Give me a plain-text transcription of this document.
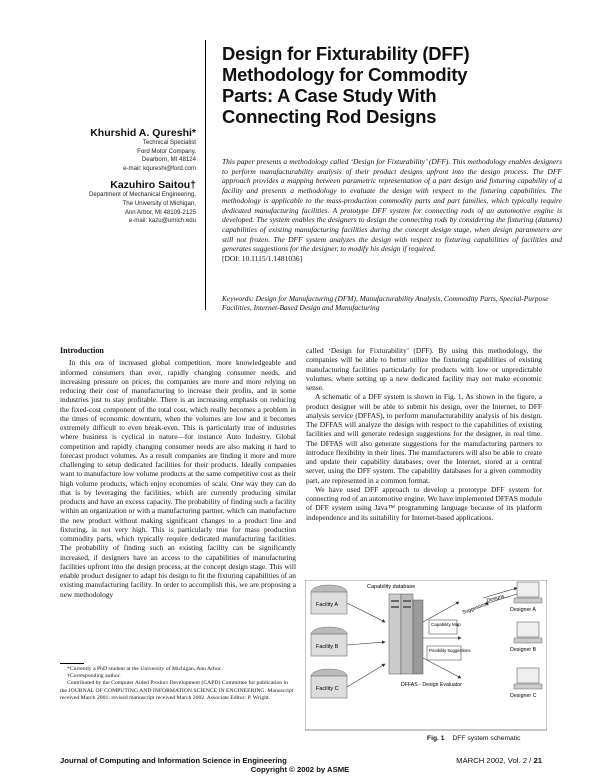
Khurshid A. Qureshi*
Technical Specialist
Ford Motor Company,
Dearborn, MI 48124
e-mail: kqureshi@ford.com
Kazuhiro Saitou†
Department of Mechanical Engineering,
The University of Michigan,
Ann Arbor, MI 48109-2125
e-mail: kazu@umich.edu
Design for Fixturability (DFF)
Methodology for Commodity
Parts: A Case Study With
Connecting Rod Designs
This paper presents a methodology called ‘Design for Fixturability’ (DFF). This methodology enables designers to perform manufacturability analysis of their product designs upfront into the design process. The DFF approach provides a mapping between parametric representation of a part design and fixturing capability of a facility and presents a methodology to evaluate the design with respect to the fixturing capabilities. The methodology is applicable to the mass-production commodity parts and part families, which typically require dedicated manufacturing facilities. A prototype DFF system for connecting rods of an automotive engine is developed. The system enables the designers to design the connecting rods by considering the fixturing (datums) capabilities of existing manufacturing facilities during the concept design stage, when design parameters are still not frozen. The DFF system analyzes the design with respect to fixturing capabilities of facilities and generates suggestions for the designer, to modify his design if required.
[DOI: 10.1115/1.1481036]
Keywords: Design for Manufacturing (DFM), Manufacturability Analysis, Commodity Parts, Special-Purpose Facilities, Internet-Based Design and Manufacturing

Introduction

In this era of increased global competition, more knowledgeable and informed consumers than ever, rapidly changing consumer needs, and increasing pressure on prices, the companies are more and more relying on reducing their cost of manufacturing to increase their profits, and in some industries just to stay profitable. There is an increasing emphasis on reducing the fixed-cost component of the total cost, which really becomes a problem in the times of economic downturn, when the volumes are low and it becomes extremely difficult to even break-even. This is particularly true of industries where business is cyclical in nature—for instance Auto Industry. Global competition and rapidly changing consumer needs are also making it hard to forecast product volumes. As a result companies are finding it more and more challenging to setup dedicated facilities for their products. Ideally companies want to manufacture low volume products at the same competitive cost as their high volume products, which enjoy economies of scale. One way they can do that is by leveraging the facilities, which are currently producing similar products and have an excess capacity. The probability of finding such a facility within an organization or with a manufacturing partner, which can manufacture the new product without making significant changes to a product line and fixturing, is not very high. This is particularly true for mass production commodity parts, which typically require dedicated manufacturing facilities. The probability of finding such an existing facility can be significantly increased, if designers have an access to the capabilities of manufacturing facilities upfront into the design process, at the concept design stage. This will enable product designer to adapt his design to fit the fixturing capabilities of an existing manufacturing facility. In order to accomplish this, we are proposing a new methodology

called ‘Design for Fixturability’ (DFF). By using this methodology, the companies will be able to better utilize the fixturing capabilities of existing manufacturing facilities particularly for products with low or unpredictable volumes, where setting up a new dedicated facility may not make economic sense.

A schematic of a DFF system is shown in Fig. 1. As shown in the figure, a product designer will be able to submit his design, over the Internet, to DFF analysis service (DFFAS), to perform manufacturability analysis of his design. The DFFAS will analyze the design with respect to the capabilities of existing facilities and will generate redesign suggestions for the designer, in real time. The DFFAS will also generate suggestions for the manufacturing partners to introduce flexibility in their lines. The manufacturers will also be able to create and update their capability databases, over the Internet, stored at a central server, using the DFF system. The capability databases for a given commodity part, are represented in a common format.

We have used DFF approach to develop a prototype DFF system for connecting rod of an automotive engine. We have implemented DFFAS module of DFF system using Java™ programming language because of its platform independence and its suitability for Internet-based applications.

*Currently a PhD student at the University of Michigan, Ann Arbor.

†Corresponding author.

Contributed by the Computer Aided Product Development (CAPD) Committee for publication in the JOURNAL OF COMPUTING AND INFORMATION SCIENCE IN ENGINEERING. Manuscript received March 2001; revised manuscript received March 2002. Associate Editor: P. Wright.

Facility A
Facility B
Facility C
Capability database
Capability Map
Flexibility Suggestions
DFFAS - Design Evaluator
Suggestions
Designs
Designer A
Designer B
Designer C
Fig. 1 DFF system schematic
Journal of Computing and Information Science in Engineering	MARCH 2002, Vol. 2 / 21
Copyright © 2002 by ASME
